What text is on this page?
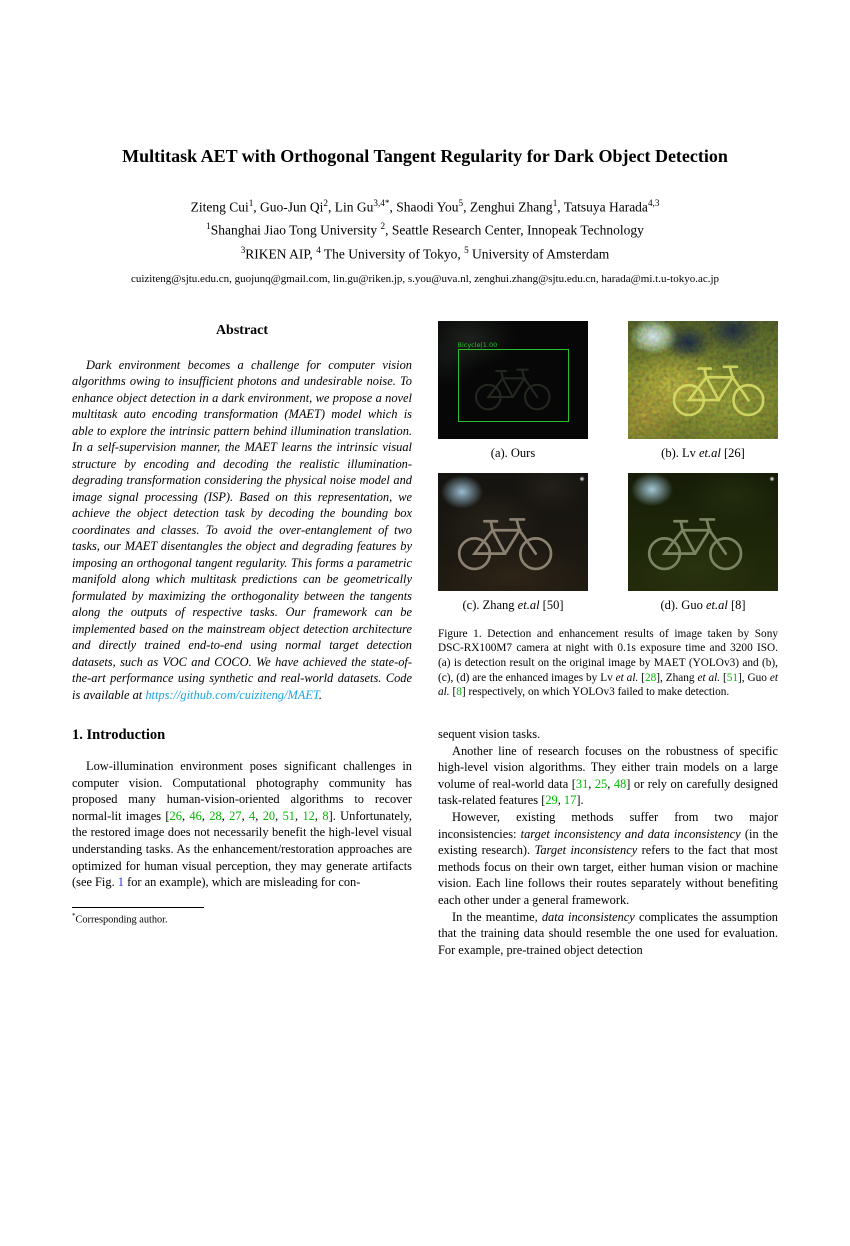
Multitask AET with Orthogonal Tangent Regularity for Dark Object Detection
Ziteng Cui$^1$, Guo-Jun Qi$^2$, Lin $Gu^{3,4*}$, Shaodi You$^5$, Zenghui Zhang$^1$, Tatsuya Harada$^{4,3}$
$^1$Shanghai Jiao Tong University $^2$, Seattle Research Center, Innopeak Technology
$^3$RIKEN AIP, $^4$ The University of Tokyo, $^5$ University of Amsterdam
cuiziteng@sjtu.edu.cn, guojunq@gmail.com, lin.gu@riken.jp, s.you@uva.nl, zenghui.zhang@sjtu.edu.cn, harada@mi.t.u-tokyo.ac.jp
Abstract

Dark environment becomes a challenge for computer vision algorithms owing to insufficient photons and undesirable noise. To enhance object detection in a dark environment, we propose a novel multitask auto encoding transformation (MAET) model which is able to explore the intrinsic pattern behind illumination translation. In a self-supervision manner, the MAET learns the intrinsic visual structure by encoding and decoding the realistic illumination-degrading transformation considering the physical noise model and image signal processing (ISP). Based on this representation, we achieve the object detection task by decoding the bounding box coordinates and classes. To avoid the over-entanglement of two tasks, our MAET disentangles the object and degrading features by imposing an orthogonal tangent regularity. This forms a parametric manifold along which multitask predictions can be geometrically formulated by maximizing the orthogonality between the tangents along the outputs of respective tasks. Our framework can be implemented based on the mainstream object detection architecture and directly trained end-to-end using normal target detection datasets, such as VOC and COCO. We have achieved the state-of-the-art performance using synthetic and real-world datasets. Code is available at https://github.com/cuiziteng/MAET.

1. Introduction

Low-illumination environment poses significant challenges in computer vision. Computational photography community has proposed many human-vision-oriented algorithms to recover normal-lit images [26, 46, 28, 27, 4, 20, 51, 12, 8]. Unfortunately, the restored image does not necessarily benefit the high-level visual understanding tasks. As the enhancement/restoration approaches are optimized for human visual perception, they may generate artifacts (see Fig. 1 for an example), which are misleading for con-

*Corresponding author.
Bicycle|1.00
(a). Ours	(b). Lv et.al [26]
(c). Zhang et.al [50]	(d). Guo et.al [8]
Figure 1. Detection and enhancement results of image taken by Sony DSC-RX100M7 camera at night with 0.1s exposure time and 3200 ISO. (a) is detection result on the original image by MAET (YOLOv3) and (b), (c), (d) are the enhanced images by Lv et al. [28], Zhang et al. [51], Guo et al. [8] respectively, on which YOLOv3 failed to make detection.

sequent vision tasks.

Another line of research focuses on the robustness of specific high-level vision algorithms. They either train models on a large volume of real-world data [31, 25, 48] or rely on carefully designed task-related features [29, 17].

However, existing methods suffer from two major inconsistencies: target inconsistency and data inconsistency (in the existing research). Target inconsistency refers to the fact that most methods focus on their own target, either human vision or machine vision. Each line follows their routes separately without benefiting each other under a general framework.

In the meantime, data inconsistency complicates the assumption that the training data should resemble the one used for evaluation. For example, pre-trained object detection
